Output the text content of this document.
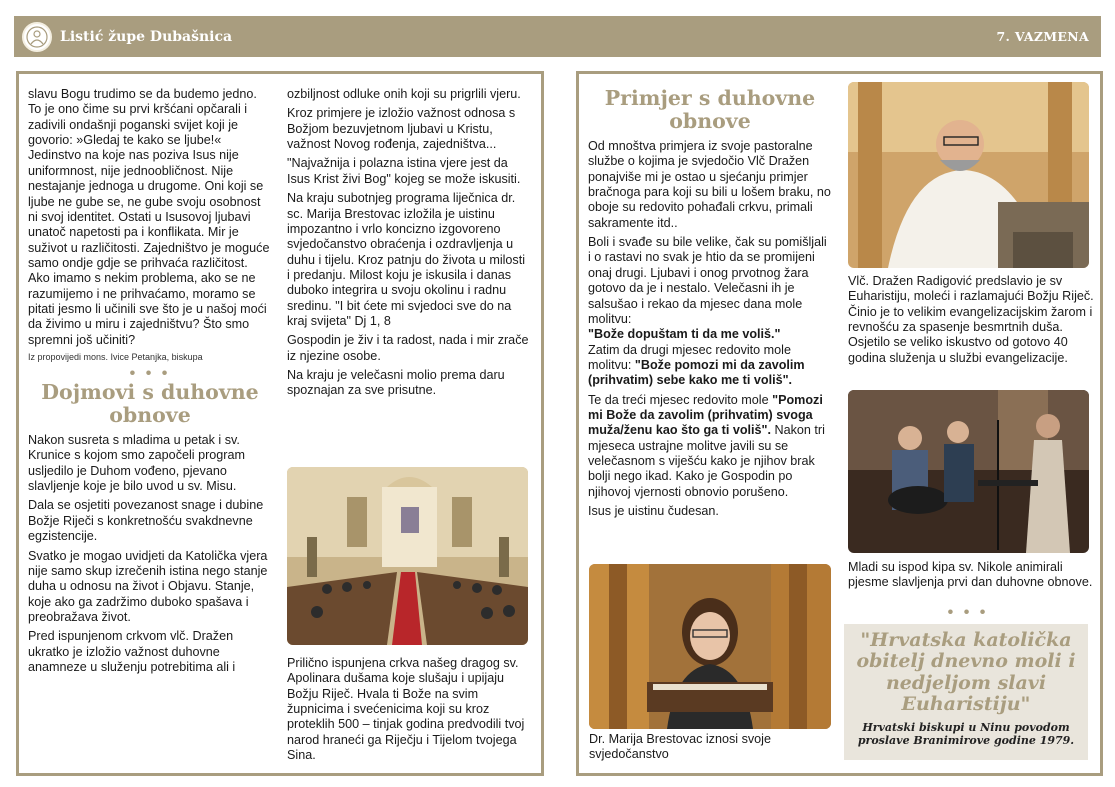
Listić župe Dubašnica	7. VAZMENA

slavu Bogu trudimo se da budemo jedno. To je ono čime su prvi kršćani opčarali i zadivili ondašnji poganski svijet koji je govorio: »Gledaj te kako se ljube!« Jedinstvo na koje nas poziva Isus nije uniformnost, nije jednoobličnost. Nije nestajanje jednoga u drugome. Oni koji se ljube ne gube se, ne gube svoju osobnost ni svoj identitet. Ostati u Isusovoj ljubavi unatoč napetosti pa i konflikata. Mir je suživot u različitosti. Zajedništvo je moguće samo ondje gdje se prihvaća različitost. Ako imamo s nekim problema, ako se ne razumijemo i ne prihvaćamo, moramo se pitati jesmo li učinili sve što je u našoj moći da živimo u miru i zajedništvu? Što smo spremni još učiniti?

Iz propovijedi mons. Ivice Petanjka, biskupa
• • •
Dojmovi s duhovne obnove

Nakon susreta s mladima u petak i sv. Krunice s kojom smo započeli program usljedilo je Duhom vođeno, pjevano slavljenje koje je bilo uvod u sv. Misu.

Dala se osjetiti povezanost snage i dubine Božje Riječi s konkretnošću svakdnevne egzistencije.

Svatko je mogao uvidjeti da Katolička vjera nije samo skup izrečenih istina nego stanje duha u odnosu na život i Objavu. Stanje, koje ako ga zadržimo duboko spašava i preobražava život.

Pred ispunjenom crkvom vlč. Dražen ukratko je izložio važnost duhovne anamneze u služenju potrebitima ali i

ozbiljnost odluke onih koji su prigrlili vjeru.

Kroz primjere je izložio važnost odnosa s Božjom bezuvjetnom ljubavi u Kristu, važnost Novog rođenja, zajedništva...

"Najvažnija i polazna istina vjere jest da Isus Krist živi Bog" kojeg se može iskusiti.

Na kraju subotnjeg programa liječnica dr. sc. Marija Brestovac izložila je uistinu impozantno i vrlo koncizno izgovoreno svjedočanstvo obraćenja i ozdravljenja u duhu i tijelu. Kroz patnju do života u milosti i predanju. Milost koju je iskusila i danas duboko integrira u svoju okolinu i radnu sredinu. "I bit ćete mi svjedoci sve do na kraj svijeta" Dj 1, 8

Gospodin je živ i ta radost, nada i mir zrače iz njezine osobe.

Na kraju je velečasni molio prema daru spoznajan za sve prisutne.

Prilično ispunjena crkva našeg dragog sv. Apolinara dušama koje slušaju i upijaju Božju Riječ. Hvala ti Bože na svim župnicima i svećenicima koji su kroz proteklih 500 – tinjak godina predvodili tvoj narod hraneći ga Riječju i Tijelom tvojega Sina.
Primjer s duhovne obnove

Od mnoštva primjera iz svoje pastoralne službe o kojima je svjedočio Vlč Dražen ponajviše mi je ostao u sjećanju primjer bračnoga para koji su bili u lošem braku, no oboje su redovito pohađali crkvu, primali sakramente itd..

Boli i svađe su bile velike, čak su pomišljali i o rastavi no svak je htio da se promijeni onaj drugi. Ljubavi i onog prvotnog žara gotovo da je i nestalo. Velečasni ih je salsušao i rekao da mjesec dana mole molitvu:
"Bože dopuštam ti da me voliš."
Zatim da drugi mjesec redovito mole molitvu: "Bože pomozi mi da zavolim (prihvatim) sebe kako me ti voliš".

Te da treći mjesec redovito mole "Pomozi mi Bože da zavolim (prihvatim) svoga muža/ženu kao što ga ti voliš". Nakon tri mjeseca ustrajne molitve javili su se velečasnom s viješću kako je njihov brak bolji nego ikad. Kako je Gospodin po njihovoj vjernosti obnovio porušeno.

Isus je uistinu čudesan.

Dr. Marija Brestovac iznosi svoje svjedočanstvo
Vlč. Dražen Radigović predslavio je sv Euharistiju, moleći i razlamajući Božju Riječ. Činio je to velikim evangelizacijskim žarom i revnošću za spasenje besmrtnih duša. Osjetilo se veliko iskustvo od gotovo 40 godina služenja u službi evangelizacije.
Mladi su ispod kipa sv. Nikole animirali pjesme slavljenja prvi dan duhovne obnove.
• • •
"Hrvatska katolička obitelj dnevno moli i nedjeljom slavi Euharistiju"
Hrvatski biskupi u Ninu povodom proslave Branimirove godine 1979.
